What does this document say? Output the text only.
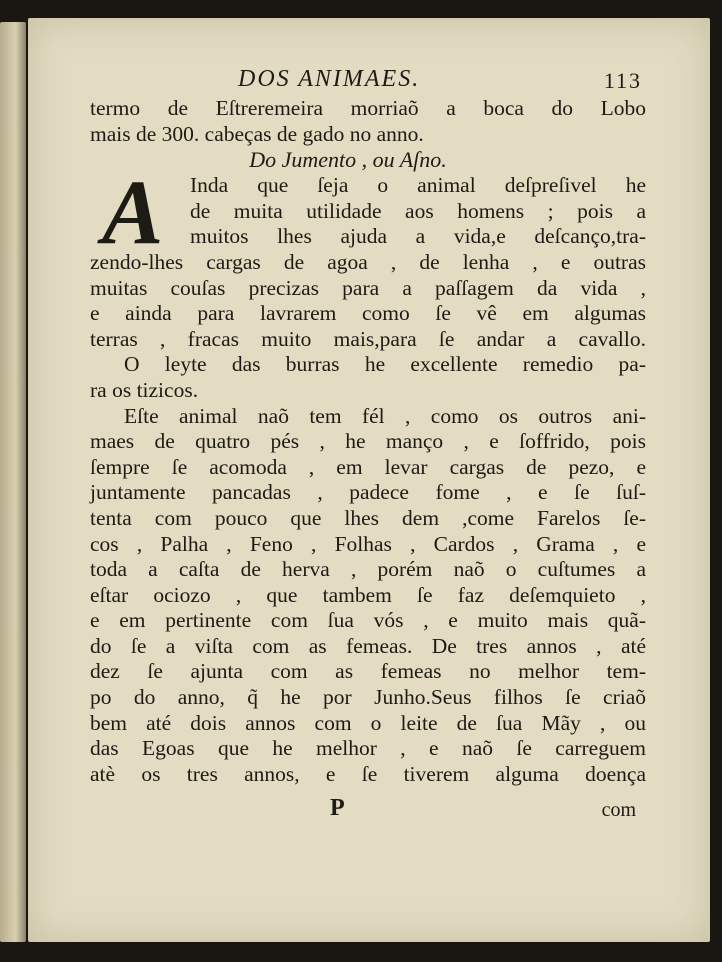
DOS ANIMAES.	113
termo de Eſtreremeira morriaõ a boca do Lobo
mais de 300. cabeças de gado no anno.
Do Jumento , ou Aſno.
A	Inda que ſeja o animal deſpreſivel he
de muita utilidade aos homens ; pois a
muitos lhes ajuda a vida,e deſcanço,tra-
zendo-lhes cargas de agoa , de lenha , e outras
muitas couſas precizas para a paſſagem da vida ,
e ainda para lavrarem como ſe vê em algumas
terras , fracas muito mais,para ſe andar a cavallo.
O leyte das burras he excellente remedio pa-
ra os tizicos.
Eſte animal naõ tem fél , como os outros ani-
maes de quatro pés , he manço , e ſoffrido, pois
ſempre ſe acomoda , em levar cargas de pezo, e
juntamente pancadas , padece fome , e ſe ſuſ-
tenta com pouco que lhes dem ,come Farelos ſe-
cos , Palha , Feno , Folhas , Cardos , Grama , e
toda a caſta de herva , porém naõ o cuſtumes a
eſtar ociozo , que tambem ſe faz deſemquieto ,
e em pertinente com ſua vós , e muito mais quã-
do ſe a viſta com as femeas. De tres annos , até
dez ſe ajunta com as femeas no melhor tem-
po do anno, q̃ he por Junho.Seus filhos ſe criaõ
bem até dois annos com o leite de ſua Mãy , ou
das Egoas que he melhor , e naõ ſe carreguem
atè os tres annos, e ſe tiverem alguma doença
P	com
